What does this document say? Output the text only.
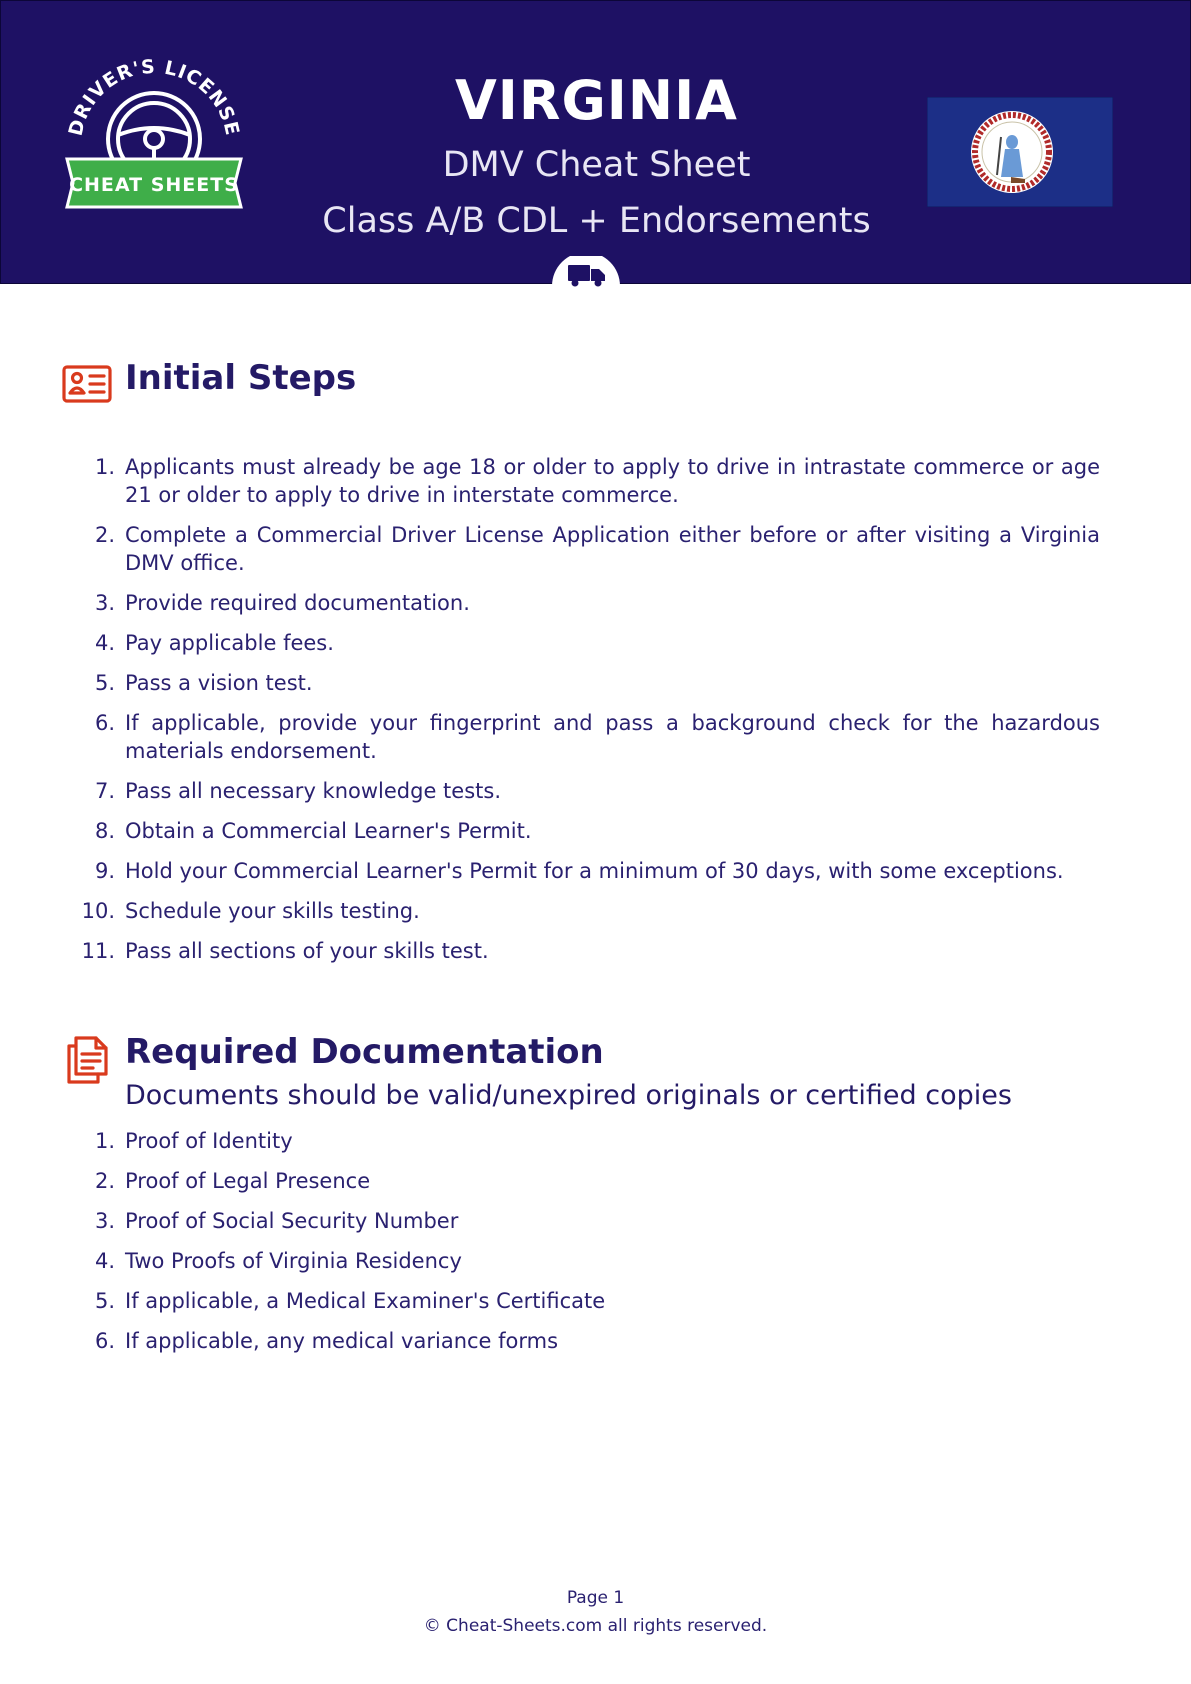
DRIVER'S LICENSE
CHEAT SHEETS
VIRGINIA
DMV Cheat Sheet
Class A/B CDL + Endorsements
Initial Steps
1. Applicants must already be age 18 or older to apply to drive in intrastate commerce or age 21 or older to apply to drive in interstate commerce.
2. Complete a Commercial Driver License Application either before or after visiting a Virginia DMV office.
3. Provide required documentation.
4. Pay applicable fees.
5. Pass a vision test.
6. If applicable, provide your fingerprint and pass a background check for the hazardous materials endorsement.
7. Pass all necessary knowledge tests.
8. Obtain a Commercial Learner's Permit.
9. Hold your Commercial Learner's Permit for a minimum of 30 days, with some exceptions.
10. Schedule your skills testing.
11. Pass all sections of your skills test.
Required Documentation
Documents should be valid/unexpired originals or certified copies
1. Proof of Identity
2. Proof of Legal Presence
3. Proof of Social Security Number
4. Two Proofs of Virginia Residency
5. If applicable, a Medical Examiner's Certificate
6. If applicable, any medical variance forms
Page 1
© Cheat-Sheets.com all rights reserved.
